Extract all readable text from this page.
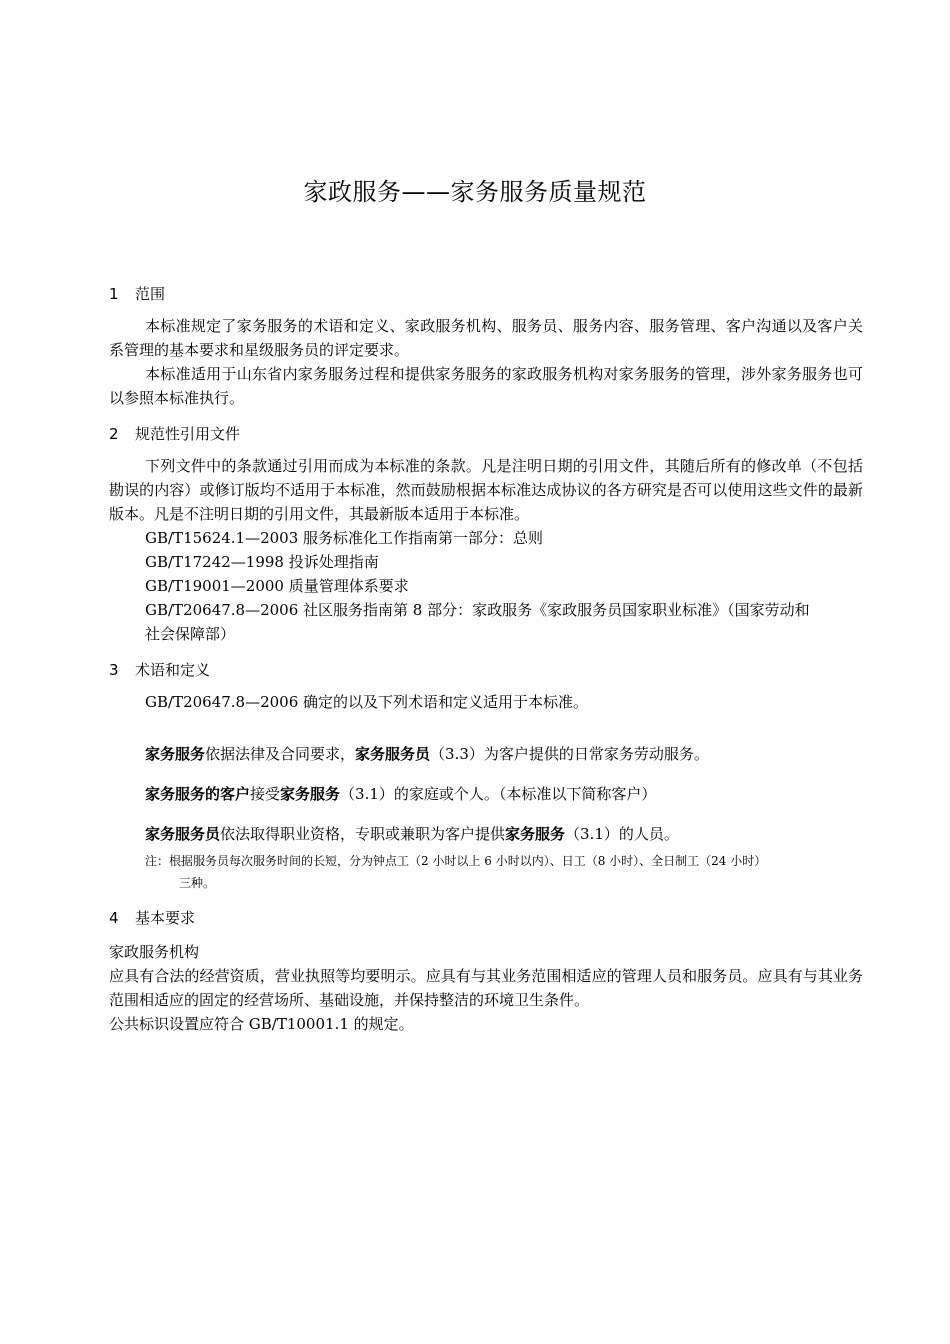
家政服务——家务服务质量规范
1 范围

本标准规定了家务服务的术语和定义、家政服务机构、服务员、服务内容、服务管理、客户沟通以及客户关系管理的基本要求和星级服务员的评定要求。

本标准适用于山东省内家务服务过程和提供家务服务的家政服务机构对家务服务的管理，涉外家务服务也可以参照本标准执行。

2 规范性引用文件

下列文件中的条款通过引用而成为本标准的条款。凡是注明日期的引用文件，其随后所有的修改单（不包括勘误的内容）或修订版均不适用于本标准，然而鼓励根据本标准达成协议的各方研究是否可以使用这些文件的最新版本。凡是不注明日期的引用文件，其最新版本适用于本标准。

GB/T15624.1—2003 服务标准化工作指南第一部分：总则

GB/T17242—1998 投诉处理指南

GB/T19001—2000 质量管理体系要求

GB/T20647.8—2006 社区服务指南第 8 部分：家政服务《家政服务员国家职业标准》（国家劳动和

社会保障部）

3 术语和定义

GB/T20647.8—2006 确定的以及下列术语和定义适用于本标准。

家务服务依据法律及合同要求，家务服务员（3.3）为客户提供的日常家务劳动服务。
家务服务的客户接受家务服务（3.1）的家庭或个人。（本标准以下简称客户）
家务服务员依法取得职业资格，专职或兼职为客户提供家务服务（3.1）的人员。
注：根据服务员每次服务时间的长短，分为钟点工（2 小时以上 6 小时以内）、日工（8 小时）、全日制工（24 小时）
三种。
4 基本要求
家政服务机构

应具有合法的经营资质，营业执照等均要明示。应具有与其业务范围相适应的管理人员和服务员。应具有与其业务范围相适应的固定的经营场所、基础设施，并保持整洁的环境卫生条件。

公共标识设置应符合 GB/T10001.1 的规定。
